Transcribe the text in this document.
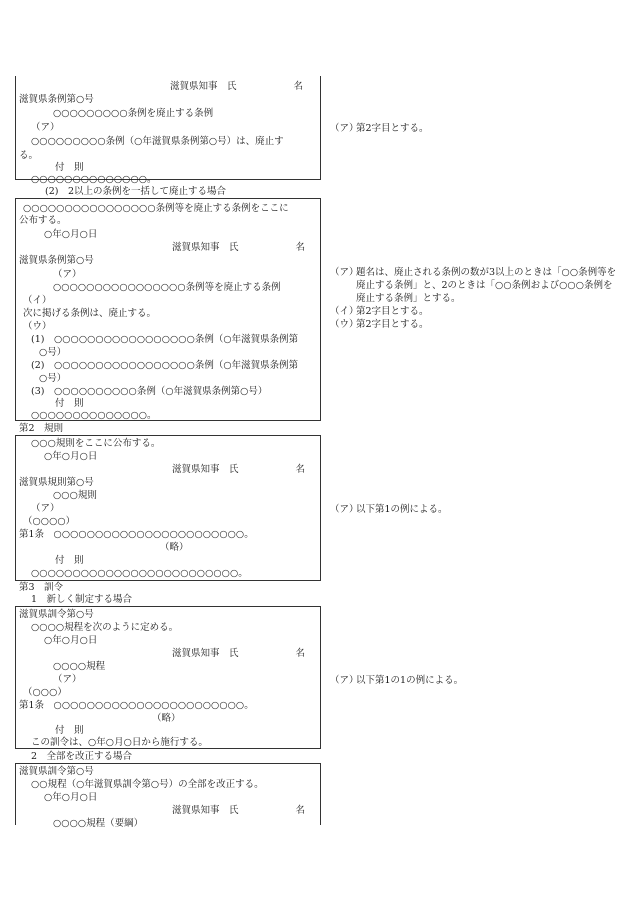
滋賀県知事　氏　　　　　　名
滋賀県条例第○号
○○○○○○○○○条例を廃止する条例
（ア）
○○○○○○○○○条例（○年滋賀県条例第○号）は、廃止す
る。
付　則
○○○○○○○○○○○○○○。
(2)　2以上の条例を一括して廃止する場合
○○○○○○○○○○○○○○○○条例等を廃止する条例をここに
公布する。
○年○月○日
滋賀県知事　氏　　　　　　名
滋賀県条例第○号
（ア）
○○○○○○○○○○○○○○○○条例等を廃止する条例
（イ）
次に掲げる条例は、廃止する。
（ウ）
(1)　○○○○○○○○○○○○○○○○○条例（○年滋賀県条例第
○号）
(2)　○○○○○○○○○○○○○○○○○条例（○年滋賀県条例第
○号）
(3)　○○○○○○○○○○条例（○年滋賀県条例第○号）
付　則
○○○○○○○○○○○○○○。
第2　規則
○○○規則をここに公布する。
○年○月○日
滋賀県知事　氏　　　　　　名
滋賀県規則第○号
○○○規則
（ア）
（○○○○）
第1条　○○○○○○○○○○○○○○○○○○○○○○○。
（略）
付　則
○○○○○○○○○○○○○○○○○○○○○○○○○。
第3　訓令
1　新しく制定する場合
滋賀県訓令第○号
○○○○規程を次のように定める。
○年○月○日
滋賀県知事　氏　　　　　　名
○○○○規程
（ア）
（○○○）
第1条　○○○○○○○○○○○○○○○○○○○○○○○。
（略）
付　則
この訓令は、○年○月○日から施行する。
2　全部を改正する場合
滋賀県訓令第○号
○○規程（○年滋賀県訓令第○号）の全部を改正する。
○年○月○日
滋賀県知事　氏　　　　　　名
○○○○規程（要綱）
（ア）
第2字目とする。
（ア）
題名は、廃止される条例の数が3以上のときは「○○条例等を廃止する条例」と、2のときは「○○条例および○○○条例を廃止する条例」とする。
（イ）
第2字目とする。
（ウ）
第2字目とする。
（ア）
以下第1の例による。
（ア）
以下第1の1の例による。
